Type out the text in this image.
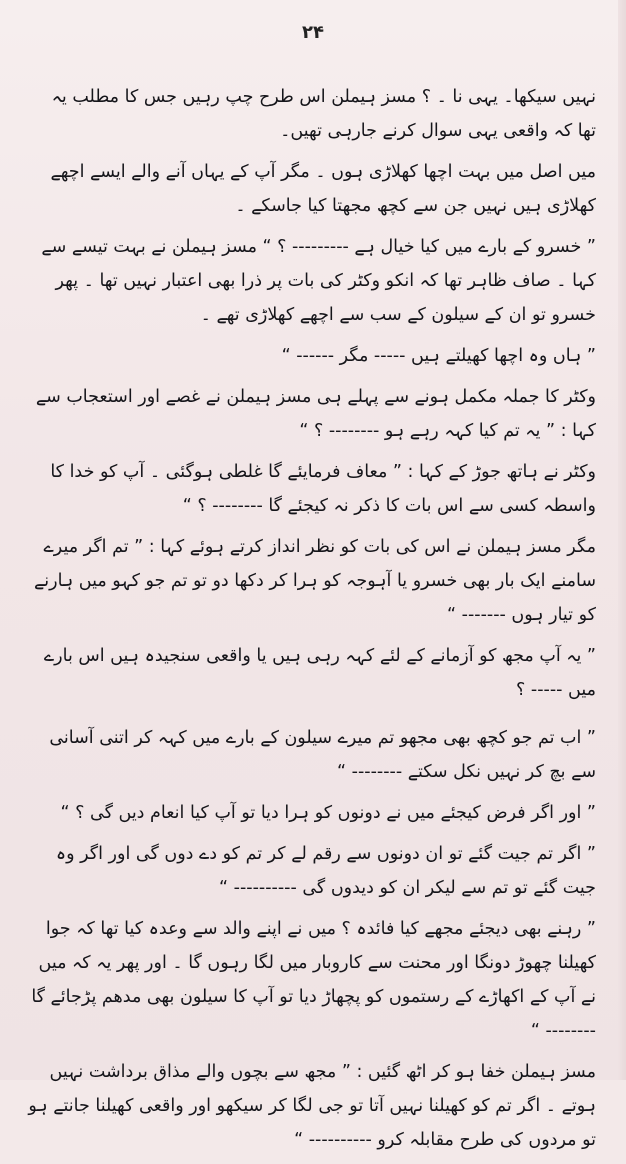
۲۴

نہیں سیکھا۔ یہی نا ۔ ؟ مسز ہیملن اس طرح چپ رہیں جس کا مطلب یہ تھا کہ واقعی یہی سوال کرنے جارہی تھیں۔

میں اصل میں بہت اچھا کھلاڑی ہوں ۔ مگر آپ کے یہاں آنے والے ایسے اچھے کھلاڑی ہیں نہیں جن سے کچھ مجھتا کیا جاسکے ۔

” خسرو کے بارے میں کیا خیال ہے --------- ؟ “ مسز ہیملن نے بہت تیسے سے کہا ۔ صاف ظاہر تھا کہ انکو وکٹر کی بات پر ذرا بھی اعتبار نہیں تھا ۔ پھر خسرو تو ان کے سیلون کے سب سے اچھے کھلاڑی تھے ۔

” ہاں وہ اچھا کھیلتے ہیں ----- مگر ------ “

وکٹر کا جملہ مکمل ہونے سے پہلے ہی مسز ہیملن نے غصے اور استعجاب سے کہا : ” یہ تم کیا کہہ رہے ہو -------- ؟ “

وکٹر نے ہاتھ جوڑ کے کہا : ” معاف فرمایئے گا غلطی ہوگئی ۔ آپ کو خدا کا واسطہ کسی سے اس بات کا ذکر نہ کیجئے گا -------- ؟ “

مگر مسز ہیملن نے اس کی بات کو نظر انداز کرتے ہوئے کہا : ” تم اگر میرے سامنے ایک بار بھی خسرو یا آہوجہ کو ہرا کر دکھا دو تو تم جو کہو میں ہارنے کو تیار ہوں ------- “

” یہ آپ مجھ کو آزمانے کے لئے کہہ رہی ہیں یا واقعی سنجیدہ ہیں اس بارے میں ----- ؟

” اب تم جو کچھ بھی مجھو تم میرے سیلون کے بارے میں کہہ کر اتنی آسانی سے بچ کر نہیں نکل سکتے -------- “

” اور اگر فرض کیجئے میں نے دونوں کو ہرا دیا تو آپ کیا انعام دیں گی ؟ “

” اگر تم جیت گئے تو ان دونوں سے رقم لے کر تم کو دے دوں گی اور اگر وہ جیت گئے تو تم سے لیکر ان کو دیدوں گی ---------- “

” رہنے بھی دیجئے مجھے کیا فائدہ ؟ میں نے اپنے والد سے وعدہ کیا تھا کہ جوا کھیلنا چھوڑ دونگا اور محنت سے کاروبار میں لگا رہوں گا ۔ اور پھر یہ کہ میں نے آپ کے اکھاڑے کے رستموں کو پچھاڑ دیا تو آپ کا سیلون بھی مدھم پڑجائے گا -------- “

مسز ہیملن خفا ہو کر اٹھ گئیں : ” مجھ سے بچوں والے مذاق برداشت نہیں ہوتے ۔ اگر تم کو کھیلنا نہیں آتا تو جی لگا کر سیکھو اور واقعی کھیلنا جانتے ہو تو مردوں کی طرح مقابلہ کرو ---------- “
